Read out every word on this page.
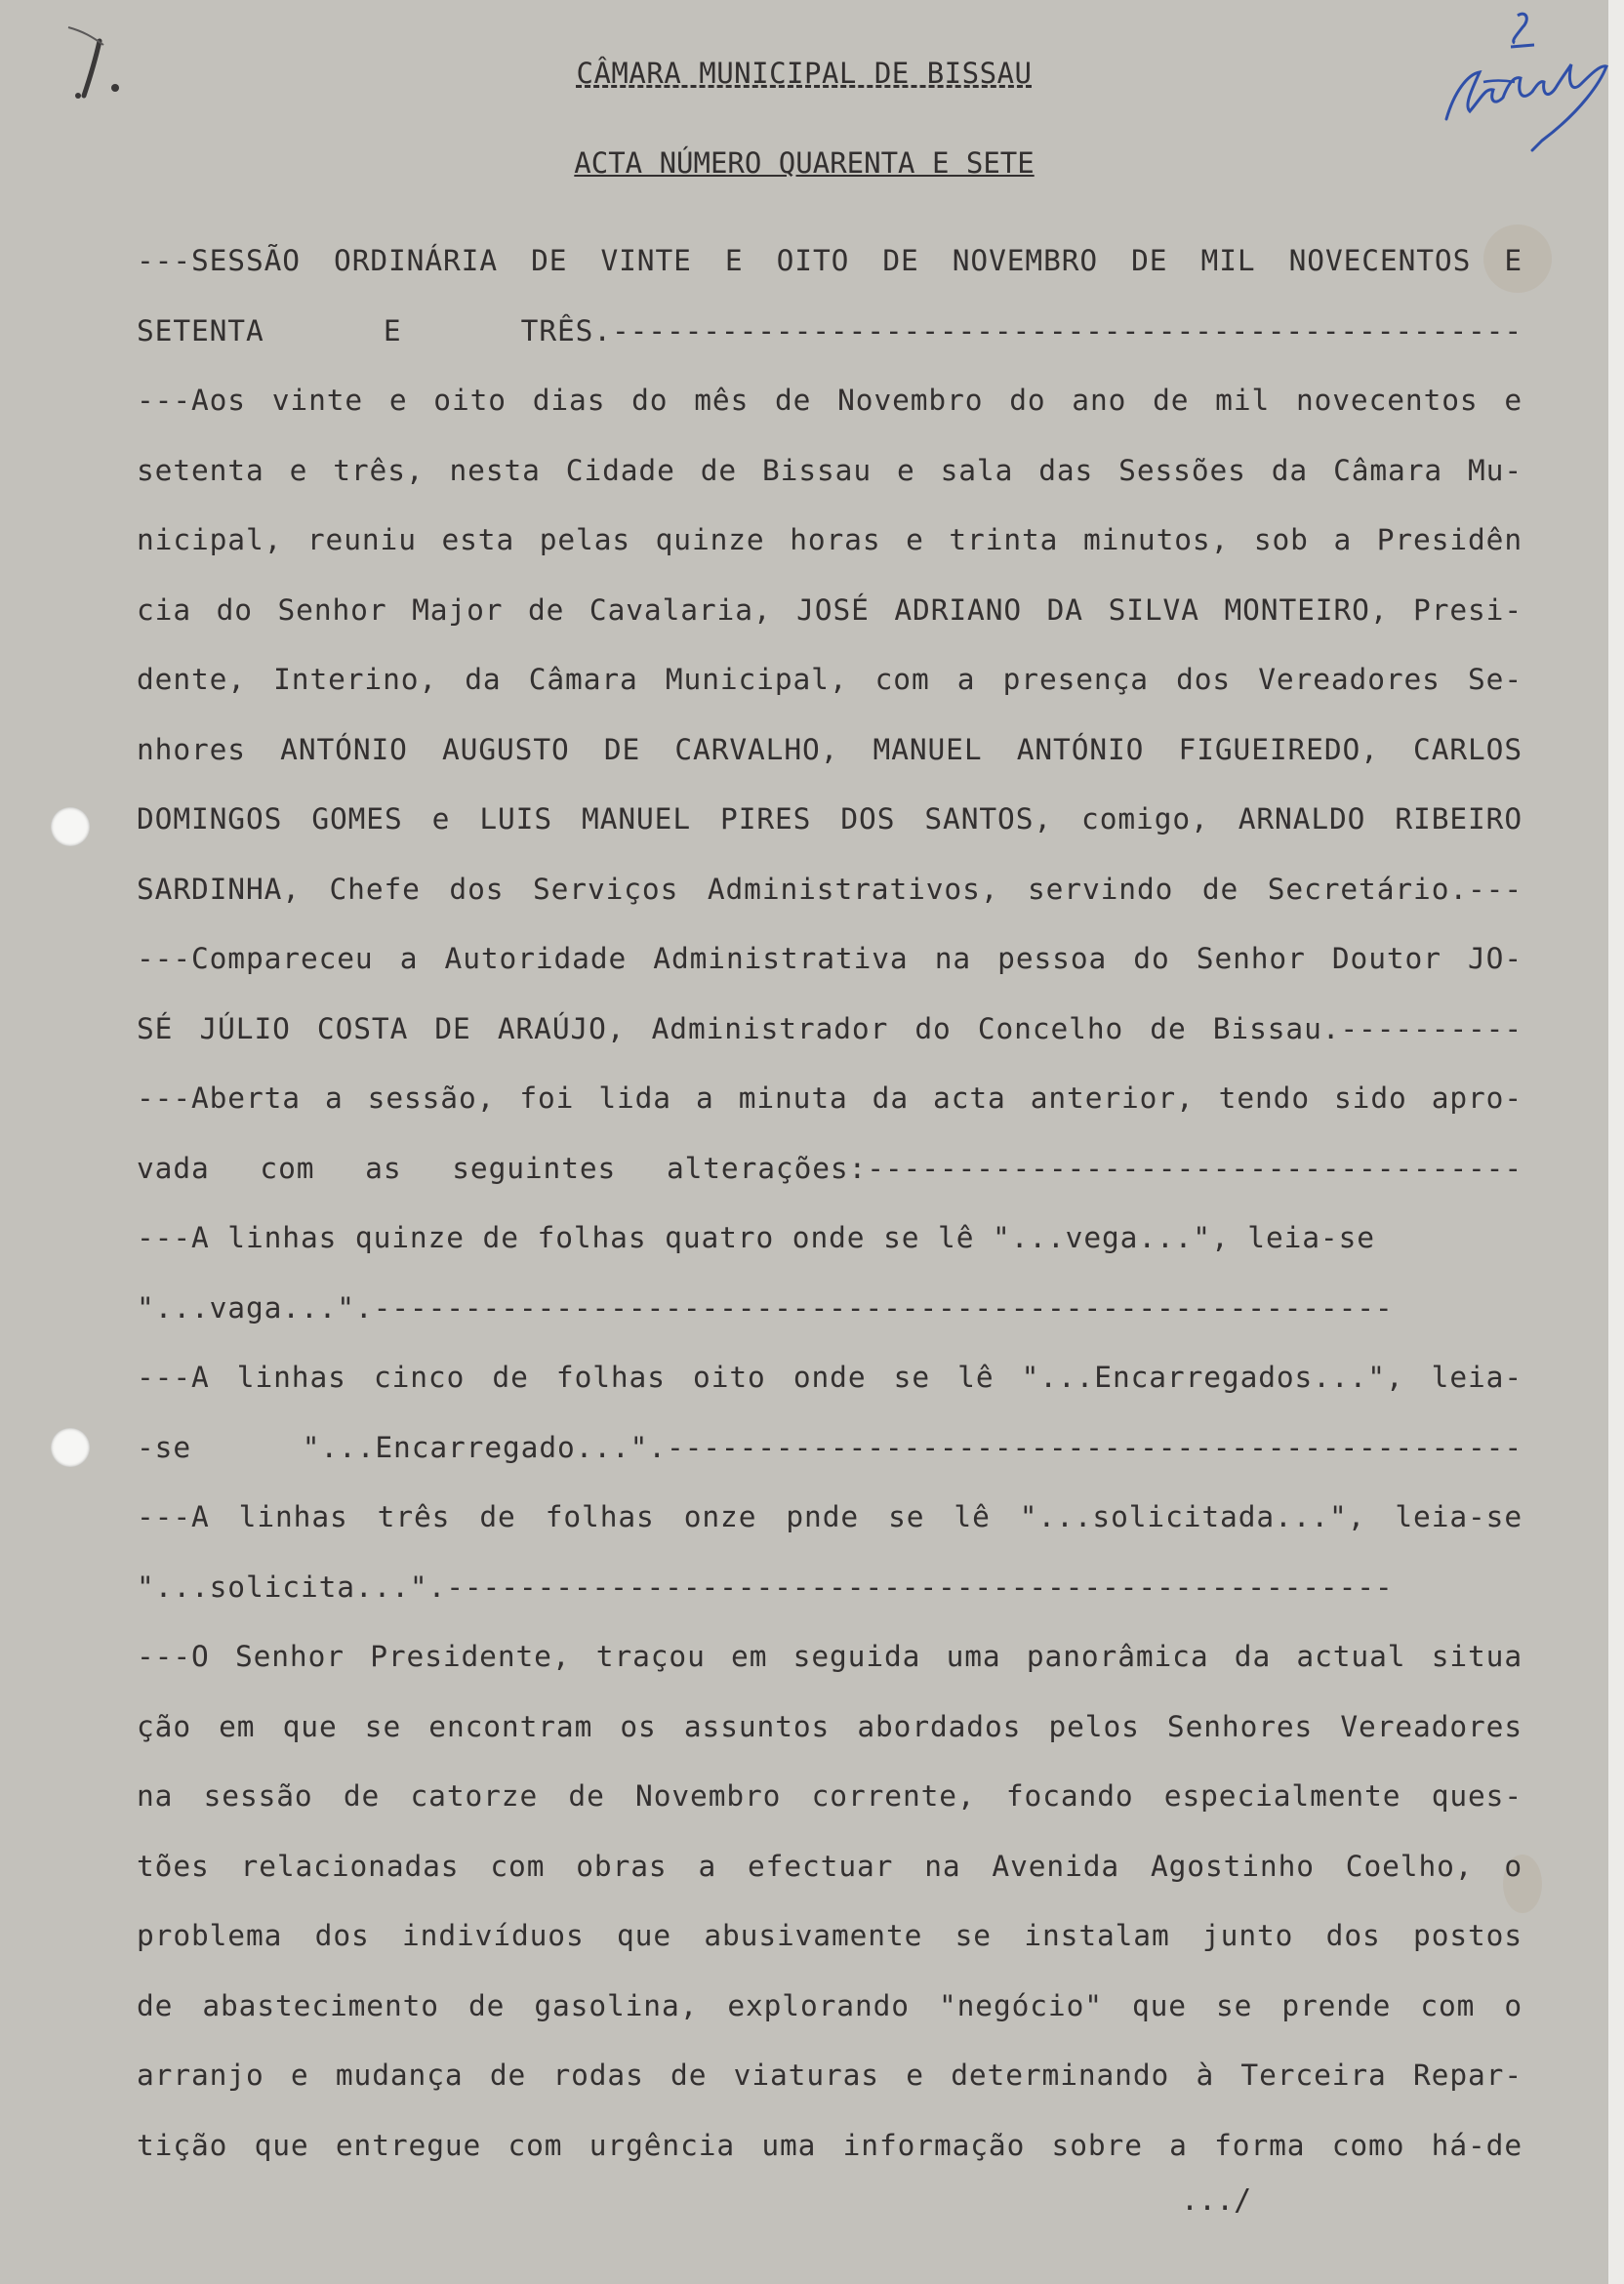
CÂMARA MUNICIPAL DE BISSAU
ACTA NÚMERO QUARENTA E SETE
---SESSÃO ORDINÁRIA DE VINTE E OITO DE NOVEMBRO DE MIL NOVECENTOS E
SETENTA E TRÊS.--------------------------------------------------
---Aos vinte e oito dias do mês de Novembro do ano de mil novecentos e
setenta e três, nesta Cidade de Bissau e sala das Sessões da Câmara Mu-
nicipal, reuniu esta pelas quinze horas e trinta minutos, sob a Presidên
cia do Senhor Major de Cavalaria, JOSÉ ADRIANO DA SILVA MONTEIRO, Presi-
dente, Interino, da Câmara Municipal, com a presença dos Vereadores Se-
nhores ANTÓNIO AUGUSTO DE CARVALHO, MANUEL ANTÓNIO FIGUEIREDO, CARLOS
DOMINGOS GOMES e LUIS MANUEL PIRES DOS SANTOS, comigo, ARNALDO RIBEIRO
SARDINHA, Chefe dos Serviços Administrativos, servindo de Secretário.---
---Compareceu a Autoridade Administrativa na pessoa do Senhor Doutor JO-
SÉ JÚLIO COSTA DE ARAÚJO, Administrador do Concelho de Bissau.----------
---Aberta a sessão, foi lida a minuta da acta anterior, tendo sido apro-
vada com as seguintes alterações:------------------------------------
---A linhas quinze de folhas quatro onde se lê "...vega...", leia-se
"...vaga...".--------------------------------------------------------
---A linhas cinco de folhas oito onde se lê "...Encarregados...", leia-
-se "...Encarregado...".-----------------------------------------------
---A linhas três de folhas onze pnde se lê "...solicitada...", leia-se
"...solicita...".----------------------------------------------------
---O Senhor Presidente, traçou em seguida uma panorâmica da actual situa
ção em que se encontram os assuntos abordados pelos Senhores Vereadores
na sessão de catorze de Novembro corrente, focando especialmente ques-
tões relacionadas com obras a efectuar na Avenida Agostinho Coelho, o
problema dos indivíduos que abusivamente se instalam junto dos postos
de abastecimento de gasolina, explorando "negócio" que se prende com o
arranjo e mudança de rodas de viaturas e determinando à Terceira Repar-
tição que entregue com urgência uma informação sobre a forma como há-de
.../
